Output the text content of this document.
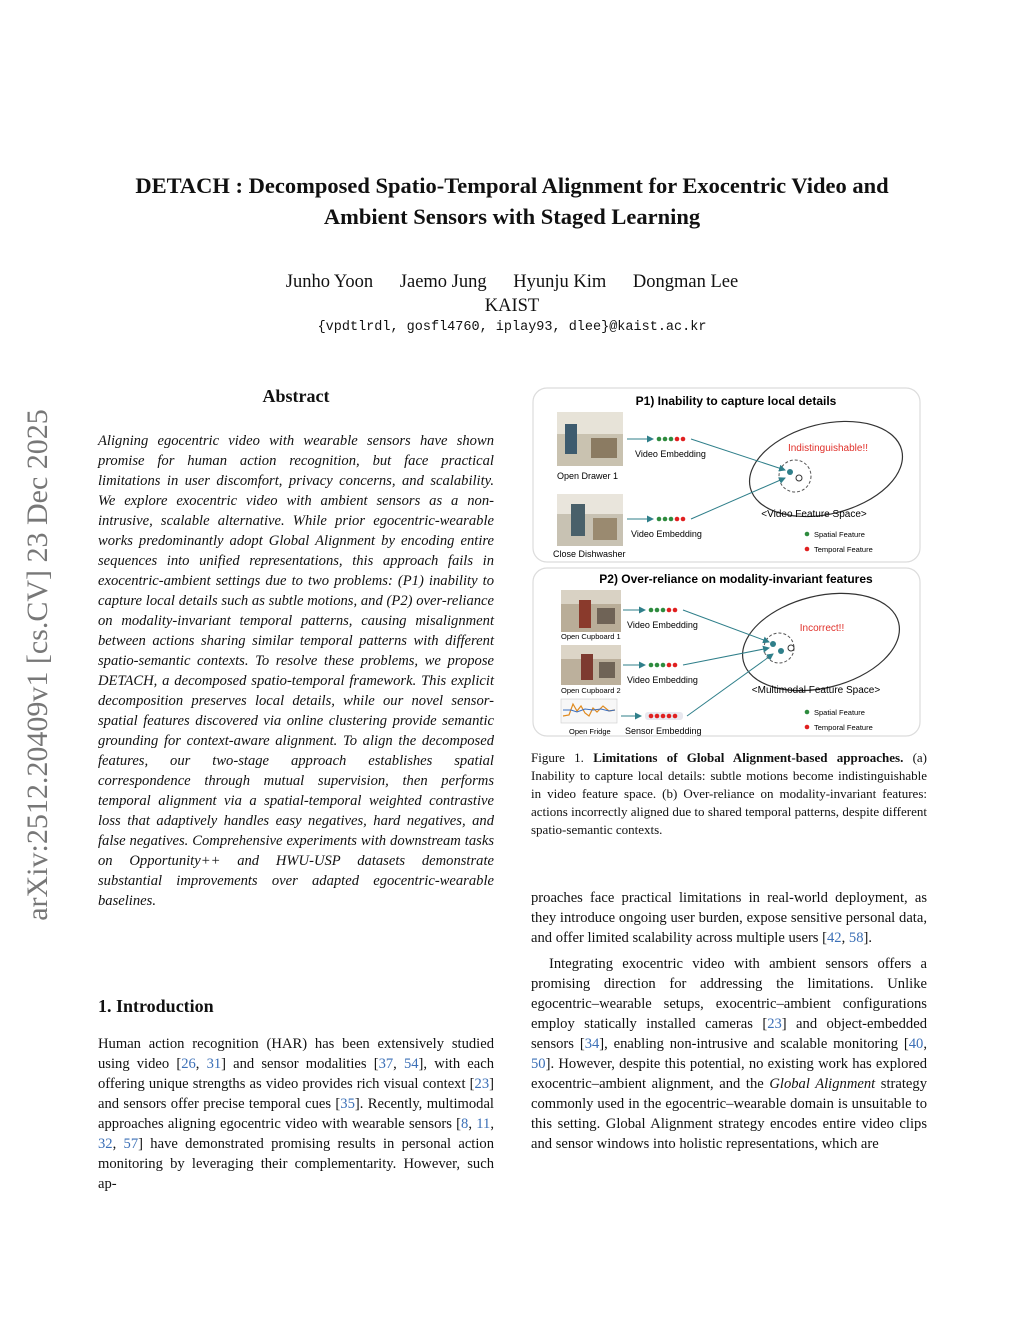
arXiv:2512.20409v1 [cs.CV] 23 Dec 2025
DETACH : Decomposed Spatio-Temporal Alignment for Exocentric Video and
Ambient Sensors with Staged Learning
Junho Yoon Jaemo Jung Hyunju Kim Dongman Lee
KAIST
{vpdtlrdl, gosfl4760, iplay93, dlee}@kaist.ac.kr
Abstract

Aligning egocentric video with wearable sensors have shown promise for human action recognition, but face practical limitations in user discomfort, privacy concerns, and scalability. We explore exocentric video with ambient sensors as a non-intrusive, scalable alternative. While prior egocentric-wearable works predominantly adopt Global Alignment by encoding entire sequences into unified representations, this approach fails in exocentric-ambient settings due to two problems: (P1) inability to capture local details such as subtle motions, and (P2) over-reliance on modality-invariant temporal patterns, causing misalignment between actions sharing similar temporal patterns with different spatio-semantic contexts. To resolve these problems, we propose DETACH, a decomposed spatio-temporal framework. This explicit decomposition preserves local details, while our novel sensor-spatial features discovered via online clustering provide semantic grounding for context-aware alignment. To align the decomposed features, our two-stage approach establishes spatial correspondence through mutual supervision, then performs temporal alignment via a spatial-temporal weighted contrastive loss that adaptively handles easy negatives, hard negatives, and false negatives. Comprehensive experiments with downstream tasks on Opportunity++ and HWU-USP datasets demonstrate substantial improvements over adapted egocentric-wearable baselines.

1. Introduction

Human action recognition (HAR) has been extensively studied using video [26, 31] and sensor modalities [37, 54], with each offering unique strengths as video provides rich visual context [23] and sensors offer precise temporal cues [35]. Recently, multimodal approaches aligning egocentric video with wearable sensors [8, 11, 32, 57] have demonstrated promising results in personal action monitoring by leveraging their complementarity. However, such ap-

P1) Inability to capture local details
Open Drawer 1
Close Dishwasher
Video Embedding
Video Embedding
Indistinguishable!!
<Video Feature Space>
Spatial Feature
Temporal Feature
P2) Over-reliance on modality-invariant features
Open Cupboard 1
Open Cupboard 2
Open Fridge
Video Embedding
Video Embedding
Sensor Embedding
Incorrect!!
<Multimodal Feature Space>
Spatial Feature
Temporal Feature
Figure 1. Limitations of Global Alignment-based approaches. (a) Inability to capture local details: subtle motions become indistinguishable in video feature space. (b) Over-reliance on modality-invariant features: actions incorrectly aligned due to shared temporal patterns, despite different spatio-semantic contexts.

proaches face practical limitations in real-world deployment, as they introduce ongoing user burden, expose sensitive personal data, and offer limited scalability across multiple users [42, 58].

Integrating exocentric video with ambient sensors offers a promising direction for addressing the limitations. Unlike egocentric–wearable setups, exocentric–ambient configurations employ statically installed cameras [23] and object-embedded sensors [34], enabling non-intrusive and scalable monitoring [40, 50]. However, despite this potential, no existing work has explored exocentric–ambient alignment, and the Global Alignment strategy commonly used in the egocentric–wearable domain is unsuitable to this setting. Global Alignment strategy encodes entire video clips and sensor windows into holistic representations, which are
